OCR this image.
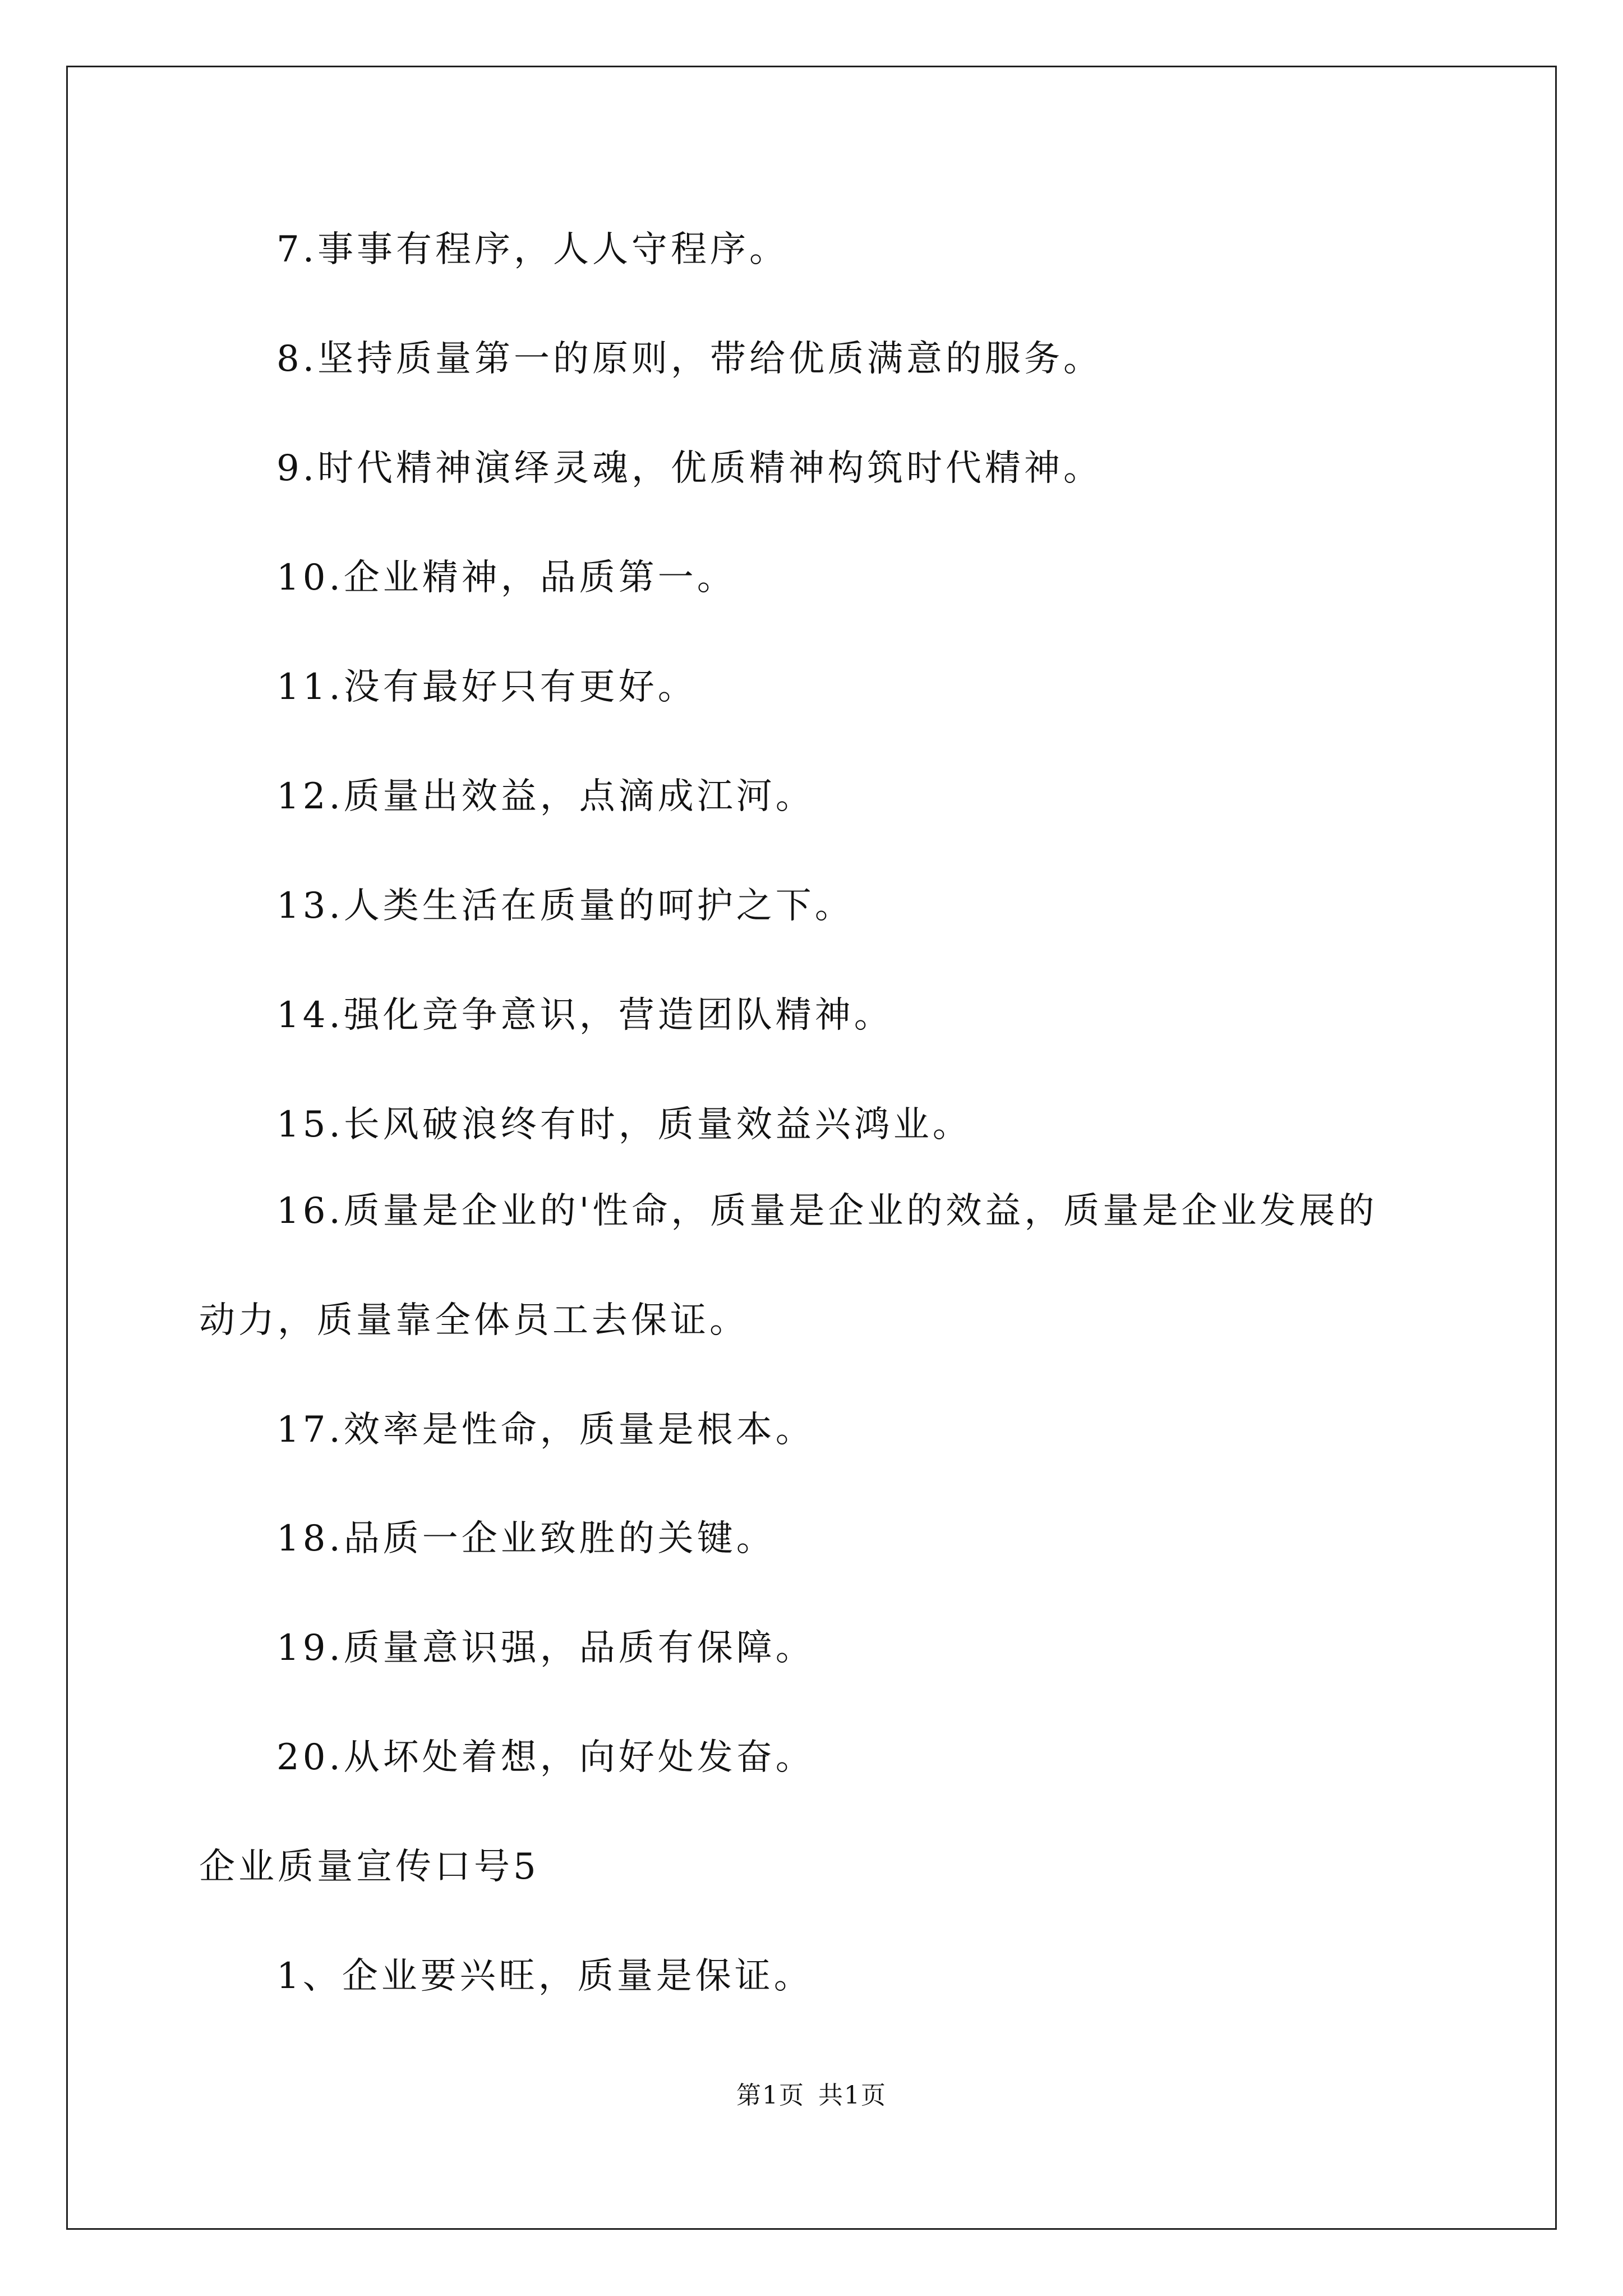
7.事事有程序，人人守程序。
8.坚持质量第一的原则，带给优质满意的服务。
9.时代精神演绎灵魂，优质精神构筑时代精神。
10.企业精神，品质第一。
11.没有最好只有更好。
12.质量出效益，点滴成江河。
13.人类生活在质量的呵护之下。
14.强化竞争意识，营造团队精神。
15.长风破浪终有时，质量效益兴鸿业。
16.质量是企业的'性命，质量是企业的效益，质量是企业发展的
动力，质量靠全体员工去保证。
17.效率是性命，质量是根本。
18.品质一企业致胜的关键。
19.质量意识强，品质有保障。
20.从坏处着想，向好处发奋。
企业质量宣传口号5
1、企业要兴旺，质量是保证。
第1页 共1页
